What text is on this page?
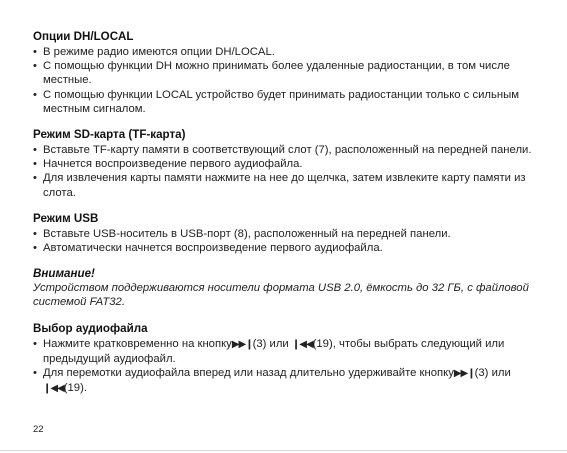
Опции DH/LOCAL
• В режиме радио имеются опции DH/LOCAL.
• С помощью функции DH можно принимать более удаленные радиостанции, в том числе местные.
• С помощью функции LOCAL устройство будет принимать радиостанции только с сильным местным сигналом.
Режим SD-карта (TF-карта)
• Вставьте TF-карту памяти в соответствующий слот (7), расположенный на передней панели.
• Начнется воспроизведение первого аудиофайла.
• Для извлечения карты памяти нажмите на нее до щелчка, затем извлеките карту памяти из слота.
Режим USB
• Вставьте USB-носитель в USB-порт (8), расположенный на передней панели.
• Автоматически начнется воспроизведение первого аудиофайла.
Внимание!
Устройством поддерживаются носители формата USB 2.0, ёмкость до 32 ГБ, с файловой системой FAT32.
Выбор аудиофайла
• Нажмите кратковременно на кнопку▶▶❙(3) или ❙◀◀(19), чтобы выбрать следующий или предыдущий аудиофайл.
• Для перемотки аудиофайла вперед или назад длительно удерживайте кнопку▶▶❙(3) или ❙◀◀(19).
22
